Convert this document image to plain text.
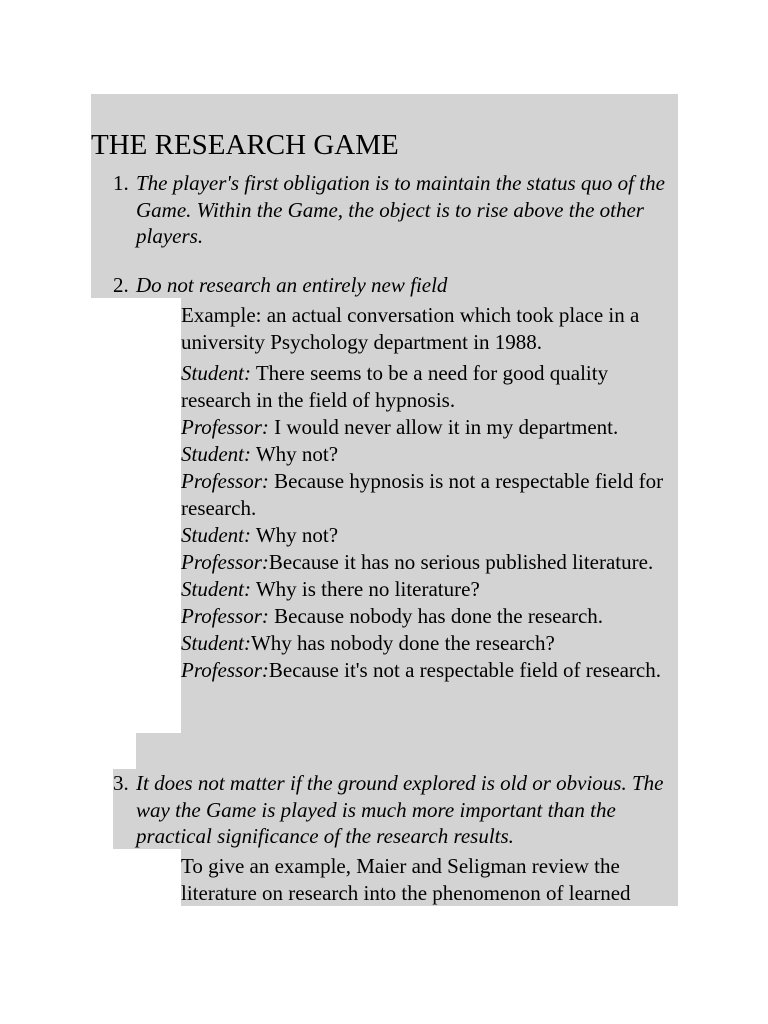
THE RESEARCH GAME
1. The player's first obligation is to maintain the status quo of the Game. Within the Game, the object is to rise above the other players.
2. Do not research an entirely new field

Example: an actual conversation which took place in a university Psychology department in 1988.

Student: There seems to be a need for good quality research in the field of hypnosis.

Professor: I would never allow it in my department.

Student: Why not?

Professor: Because hypnosis is not a respectable field for research.

Student: Why not?

Professor:Because it has no serious published literature.

Student: Why is there no literature?

Professor: Because nobody has done the research.

Student:Why has nobody done the research?

Professor:Because it's not a respectable field of research.

3. It does not matter if the ground explored is old or obvious. The way the Game is played is much more important than the practical significance of the research results.

To give an example, Maier and Seligman review the literature on research into the phenomenon of learned
